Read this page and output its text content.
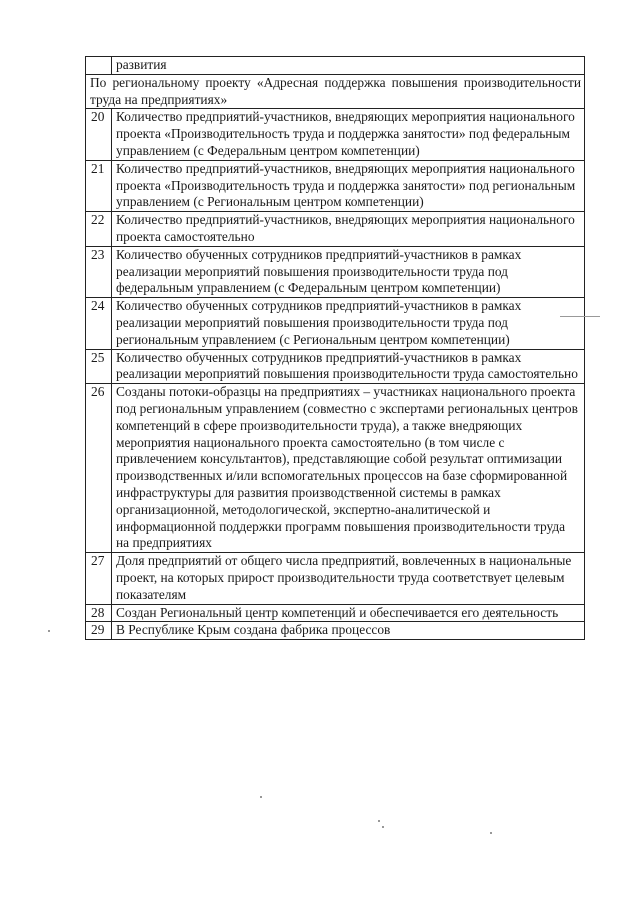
	развития
По региональному проекту «Адресная поддержка повышения производительности труда на предприятиях»	
20	Количество предприятий-участников, внедряющих мероприятия национального проекта «Производительность труда и поддержка занятости» под федеральным управлением (с Федеральным центром компетенции)
21	Количество предприятий-участников, внедряющих мероприятия национального проекта «Производительность труда и поддержка занятости» под региональным управлением (с Региональным центром компетенции)
22	Количество предприятий-участников, внедряющих мероприятия национального проекта самостоятельно
23	Количество обученных сотрудников предприятий-участников в рамках реализации мероприятий повышения производительности труда под федеральным управлением (с Федеральным центром компетенции)
24	Количество обученных сотрудников предприятий-участников в рамках реализации мероприятий повышения производительности труда под региональным управлением (с Региональным центром компетенции)
25	Количество обученных сотрудников предприятий-участников в рамках реализации мероприятий повышения производительности труда самостоятельно
26	Созданы потоки-образцы на предприятиях – участниках национального проекта под региональным управлением (совместно с экспертами региональных центров компетенций в сфере производительности труда), а также внедряющих мероприятия национального проекта самостоятельно (в том числе с привлечением консультантов), представляющие собой результат оптимизации производственных и/или вспомогательных процессов на базе сформированной инфраструктуры для развития производственной системы в рамках организационной, методологической, экспертно-аналитической и информационной поддержки программ повышения производительности труда на предприятиях
27	Доля предприятий от общего числа предприятий, вовлеченных в национальные проект, на которых прирост производительности труда соответствует целевым показателям
28	Создан Региональный центр компетенций и обеспечивается его деятельность
29	В Республике Крым создана фабрика процессов
